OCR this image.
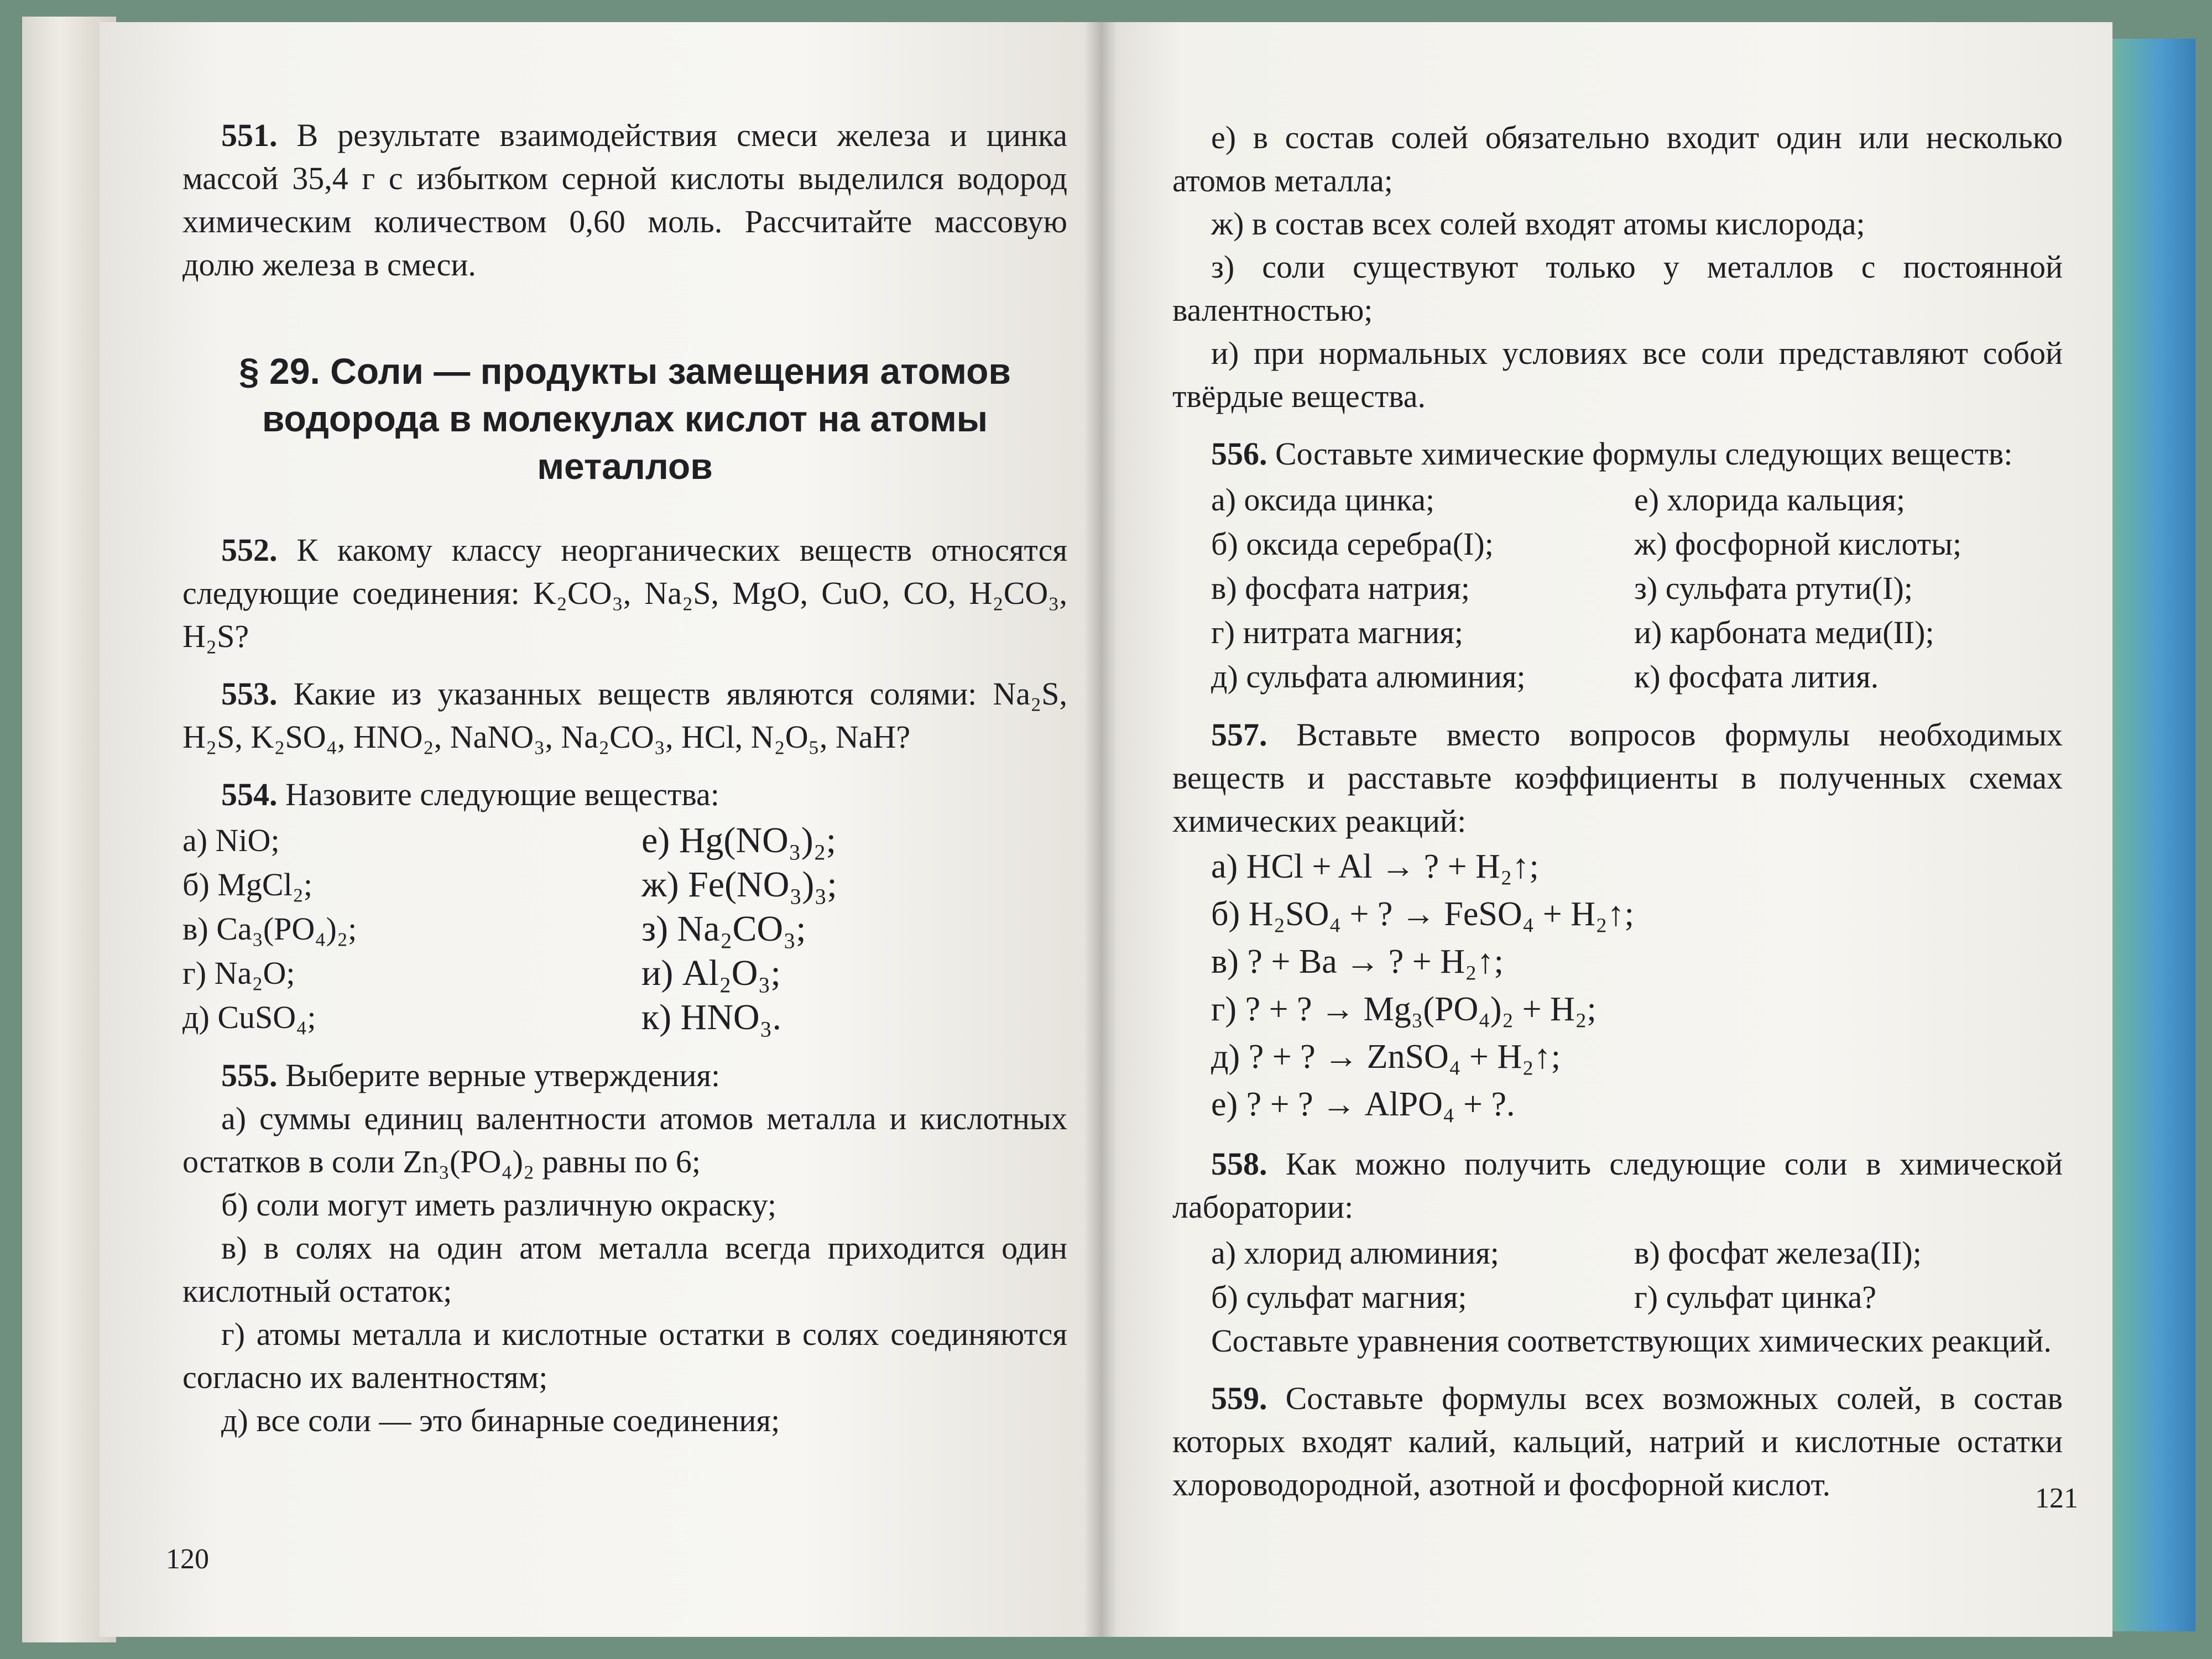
551. В результате взаимодействия смеси железа и цинка массой 35,4 г с избытком серной кислоты выделился водород химическим количеством 0,60 моль. Рассчитайте массовую долю железа в смеси.

§ 29. Соли — продукты замещения атомов водорода в молекулах кислот на атомы металлов

552. К какому классу неорганических веществ относятся следующие соединения: K₂CO₃, Na₂S, MgO, CuO, CO, H₂CO₃, H₂S?

553. Какие из указанных веществ являются солями: Na₂S, H₂S, K₂SO₄, HNO₂, NaNO₃, Na₂CO₃, HCl, N₂O₅, NaH?

554. Назовите следующие вещества:

а) NiO;
б) MgCl₂;
в) Ca₃(PO₄)₂;
г) Na₂O;
д) CuSO₄;
е) Hg(NO₃)₂;
ж) Fe(NO₃)₃;
з) Na₂CO₃;
и) Al₂O₃;
к) HNO₃.

555. Выберите верные утверждения:

а) суммы единиц валентности атомов металла и кислотных остатков в соли Zn₃(PO₄)₂ равны по 6;

б) соли могут иметь различную окраску;

в) в солях на один атом металла всегда приходится один кислотный остаток;

г) атомы металла и кислотные остатки в солях соединяются согласно их валентностям;

д) все соли — это бинарные соединения;

120

е) в состав солей обязательно входит один или несколько атомов металла;

ж) в состав всех солей входят атомы кислорода;

з) соли существуют только у металлов с постоянной валентностью;

и) при нормальных условиях все соли представляют собой твёрдые вещества.

556. Составьте химические формулы следующих веществ:

а) оксида цинка;
б) оксида серебра(I);
в) фосфата натрия;
г) нитрата магния;
д) сульфата алюминия;
е) хлорида кальция;
ж) фосфорной кислоты;
з) сульфата ртути(I);
и) карбоната меди(II);
к) фосфата лития.

557. Вставьте вместо вопросов формулы необходимых веществ и расставьте коэффициенты в полученных схемах химических реакций:

а) HCl + Al → ? + H₂↑;
б) H₂SO₄ + ? → FeSO₄ + H₂↑;
в) ? + Ba → ? + H₂↑;
г) ? + ? → Mg₃(PO₄)₂ + H₂;
д) ? + ? → ZnSO₄ + H₂↑;
е) ? + ? → AlPO₄ + ?.

558. Как можно получить следующие соли в химической лаборатории:

а) хлорид алюминия;
б) сульфат магния;
в) фосфат железа(II);
г) сульфат цинка?

Составьте уравнения соответствующих химических реакций.

559. Составьте формулы всех возможных солей, в состав которых входят калий, кальций, натрий и кислотные остатки хлороводородной, азотной и фосфорной кислот.	121
